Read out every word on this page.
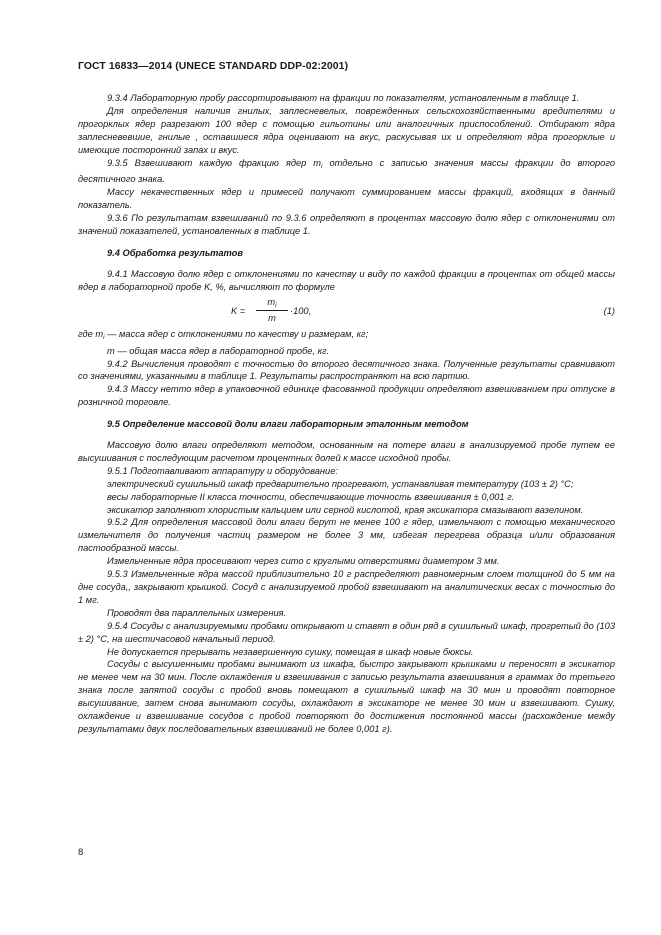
ГОСТ 16833—2014 (UNECE STANDARD DDP-02:2001)

9.3.4 Лабораторную пробу рассортировывают на фракции по показателям, установленным в таблице 1.

Для определения наличия гнилых, заплесневелых, поврежденных сельскохозяйственными вредителями и прогорклых ядер разрезают 100 ядер с помощью гильотины или аналогичных приспособлений. Отбирают ядра заплесневевшие, гнилые , оставшиеся ядра оценивают на вкус, раскусывая их и определяют ядра прогорклые и имеющие посторонний запах и вкус.

9.3.5 Взвешивают каждую фракцию ядер $m_i$ отдельно с записью значения массы фракции до второго десятичного знака.

Массу некачественных ядер и примесей получают суммированием массы фракций, входящих в данный показатель.

9.3.6 По результатам взвешиваний по 9.3.6 определяют в процентах массовую долю ядер с отклонениями от значений показателей, установленных в таблице 1.

9.4 Обработка результатов

9.4.1 Массовую долю ядер с отклонениями по качеству и виду по каждой фракции в процентах от общей массы ядер в лабораторной пробе K, %, вычисляют по формуле

K =
$m_i$
m
·100,	(1)

где $m_i$ — масса ядер с отклонениями по качеству и размерам, кг;

m — общая масса ядер в лабораторной пробе, кг.

9.4.2 Вычисления проводят с точностью до второго десятичного знака. Полученные результаты сравнивают со значениями, указанными в таблице 1. Результаты распространяют на всю партию.

9.4.3 Массу нетто ядер в упаковочной единице фасованной продукции определяют взвешиванием при отпуске в розничной торговле.

9.5 Определение массовой доли влаги лабораторным эталонным методом

Массовую долю влаги определяют методом, основанным на потере влаги в анализируемой пробе путем ее высушивания с последующим расчетом процентных долей к массе исходной пробы.

9.5.1 Подготавливают аппаратуру и оборудование:

электрический сушильный шкаф предварительно прогревают, устанавливая температуру (103 ± 2) °С;

весы лабораторные II класса точности, обеспечивающие точность взвешивания ± 0,001 г.

эксикатор заполняют хлористым кальцием или серной кислотой, края эксикатора смазывают вазелином.

9.5.2 Для определения массовой доли влаги берут не менее 100 г ядер, измельчают с помощью механического измельчителя до получения частиц размером не более 3 мм, избегая перегрева образца и/или образования пастообразной массы.

Измельченные ядра просеивают через сито с круглыми отверстиями диаметром 3 мм.

9.5.3 Измельченные ядра массой приблизительно 10 г распределяют равномерным слоем толщиной до 5 мм на дне сосуда,, закрывают крышкой. Сосуд с анализируемой пробой взвешивают на аналитических весах с точностью до 1 мг.

Проводят два параллельных измерения.

9.5.4 Сосуды с анализируемыми пробами открывают и ставят в один ряд в сушильный шкаф, прогретый до (103 ± 2) °С, на шестичасовой начальный период.

Не допускается прерывать незавершенную сушку, помещая в шкаф новые бюксы.

Сосуды с высушенными пробами вынимают из шкафа, быстро закрывают крышками и переносят в эксикатор не менее чем на 30 мин. После охлаждения и взвешивания с записью результата взвешивания в граммах до третьего знака после запятой сосуды с пробой вновь помещают в сушильный шкаф на 30 мин и проводят повторное высушивание, затем снова вынимают сосуды, охлаждают в эксикаторе не менее 30 мин и взвешивают. Сушку, охлаждение и взвешивание сосудов с пробой повторяют до достижения постоянной массы (расхождение между результатами двух последовательных взвешиваний не более 0,001 г).

8
